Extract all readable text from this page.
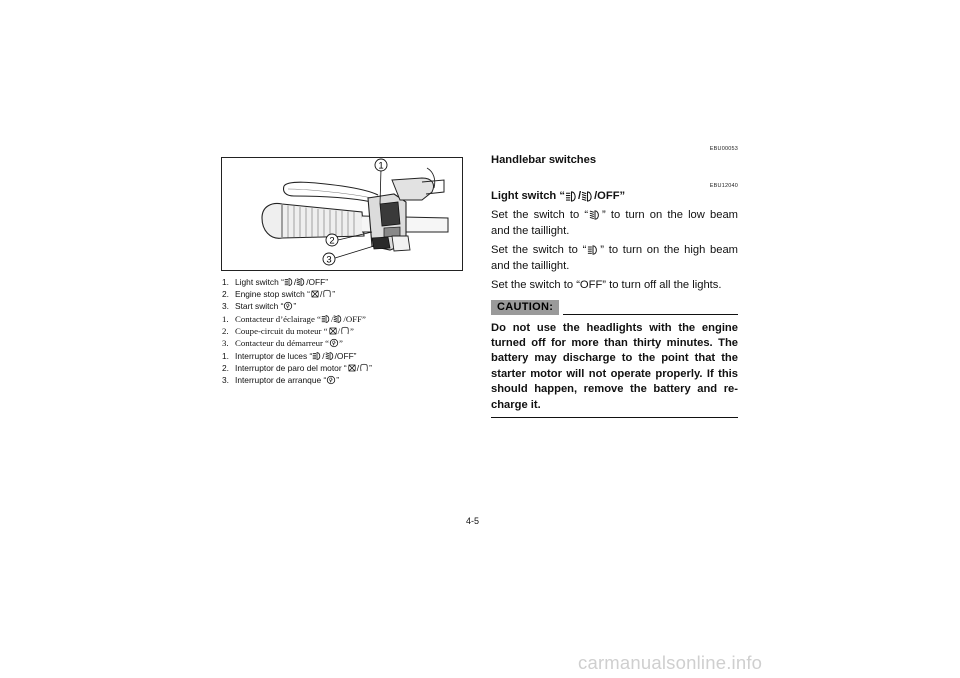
1
2
3
1. Light switch “ / /OFF”
2. Engine stop switch “ / ”
3. Start switch “ ”
1. Contacteur d’éclairage “ / /OFF”
2. Coupe-circuit du moteur “ / ”
3. Contacteur du démarreur “ ”
1. Interruptor de luces “ / /OFF”
2. Interruptor de paro del motor “ / ”
3. Interruptor de arranque “ ”
EBU00053
Handlebar switches
EBU12040
Light switch “ / /OFF”

Set the switch to “ ” to turn on the low beam and the taillight.

Set the switch to “ ” to turn on the high beam and the taillight.

Set the switch to “OFF” to turn off all the lights.

CAUTION:

Do not use the headlights with the engine turned off for more than thirty minutes. The battery may discharge to the point that the starter motor will not operate properly. If this should happen, remove the battery and re-charge it.

4-5
carmanualsonline.info
